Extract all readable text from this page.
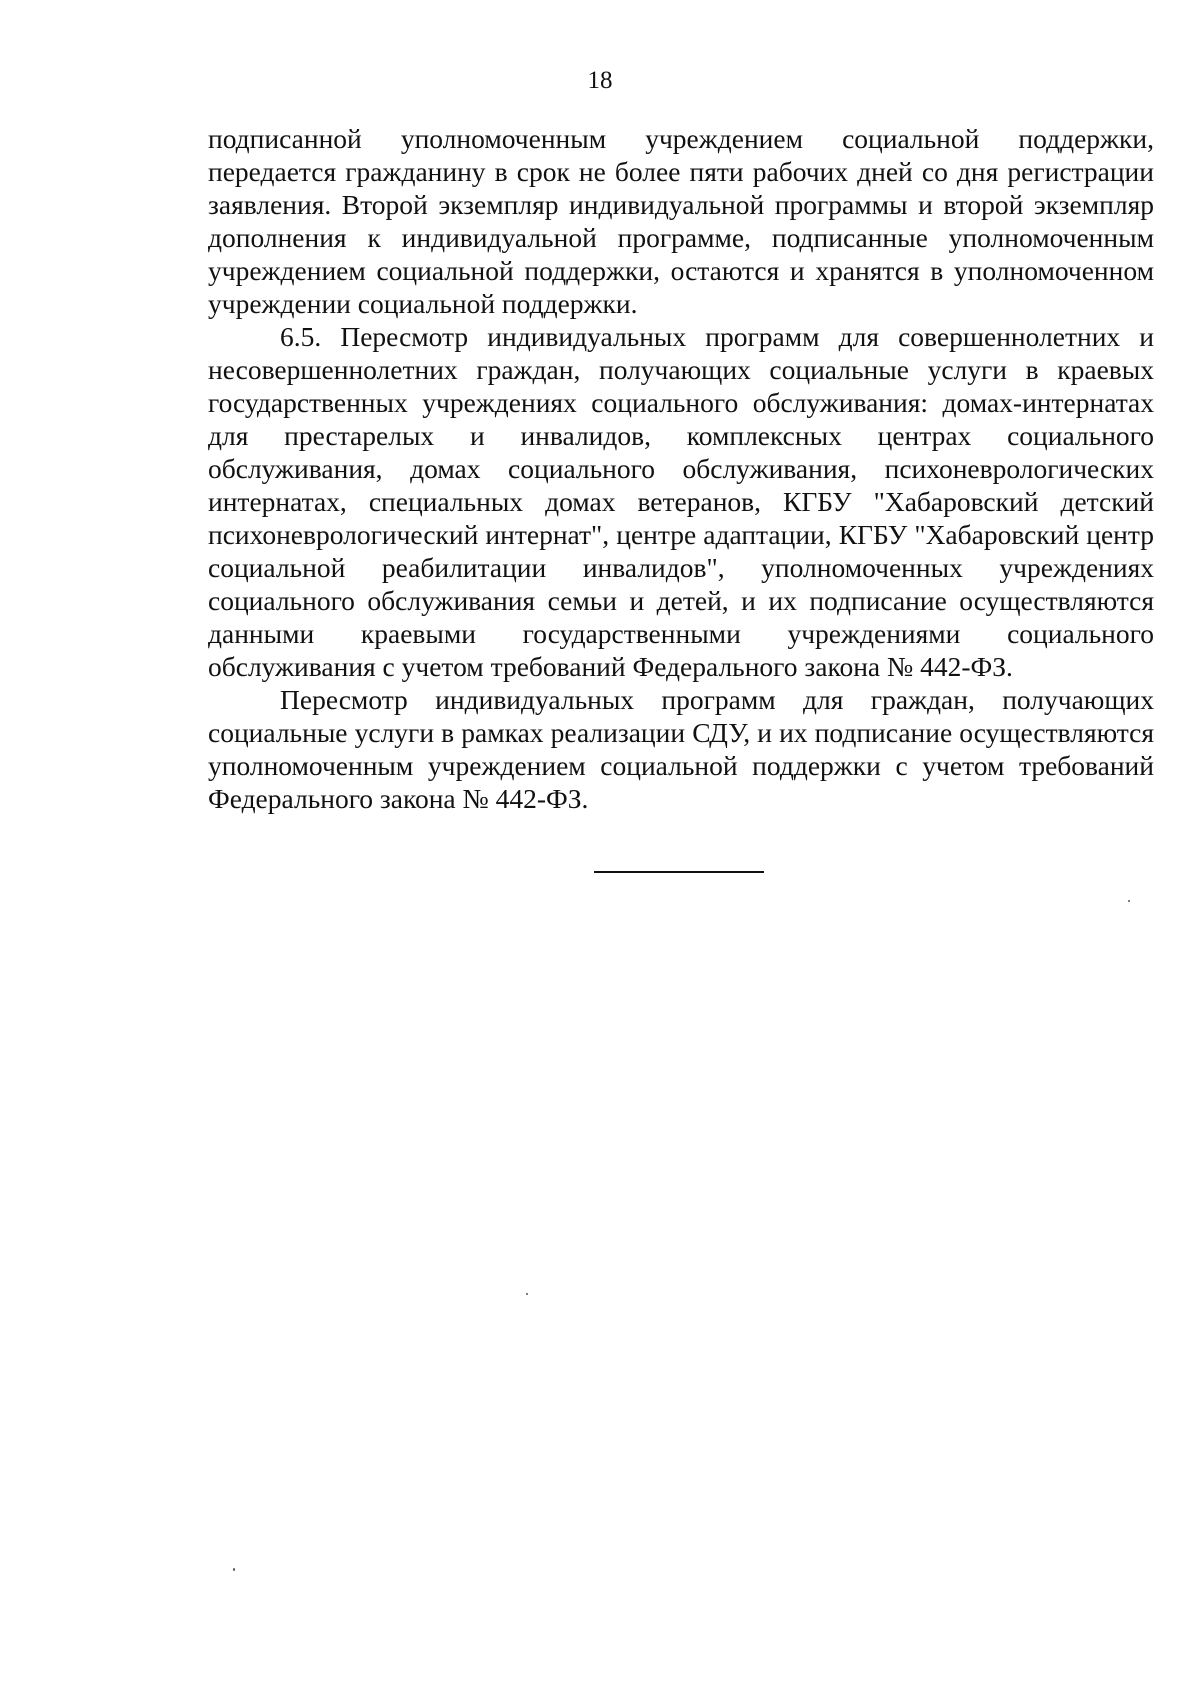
18

подписанной уполномоченным учреждением социальной поддержки, передается гражданину в срок не более пяти рабочих дней со дня регистрации заявления. Второй экземпляр индивидуальной программы и второй экземпляр дополнения к индивидуальной программе, подписанные уполномоченным учреждением социальной поддержки, остаются и хранятся в уполномоченном учреждении социальной поддержки.

6.5. Пересмотр индивидуальных программ для совершеннолетних и несовершеннолетних граждан, получающих социальные услуги в краевых государственных учреждениях социального обслуживания: домах-интернатах для престарелых и инвалидов, комплексных центрах социального обслуживания, домах социального обслуживания, психоневрологических интернатах, специальных домах ветеранов, КГБУ "Хабаровский детский психоневрологический интернат", центре адаптации, КГБУ "Хабаровский центр социальной реабилитации инвалидов", уполномоченных учреждениях социального обслуживания семьи и детей, и их подписание осуществляются данными краевыми государственными учреждениями социального обслуживания с учетом требований Федерального закона № 442-ФЗ.

Пересмотр индивидуальных программ для граждан, получающих социальные услуги в рамках реализации СДУ, и их подписание осуществляются уполномоченным учреждением социальной поддержки с учетом требований Федерального закона № 442-ФЗ.
